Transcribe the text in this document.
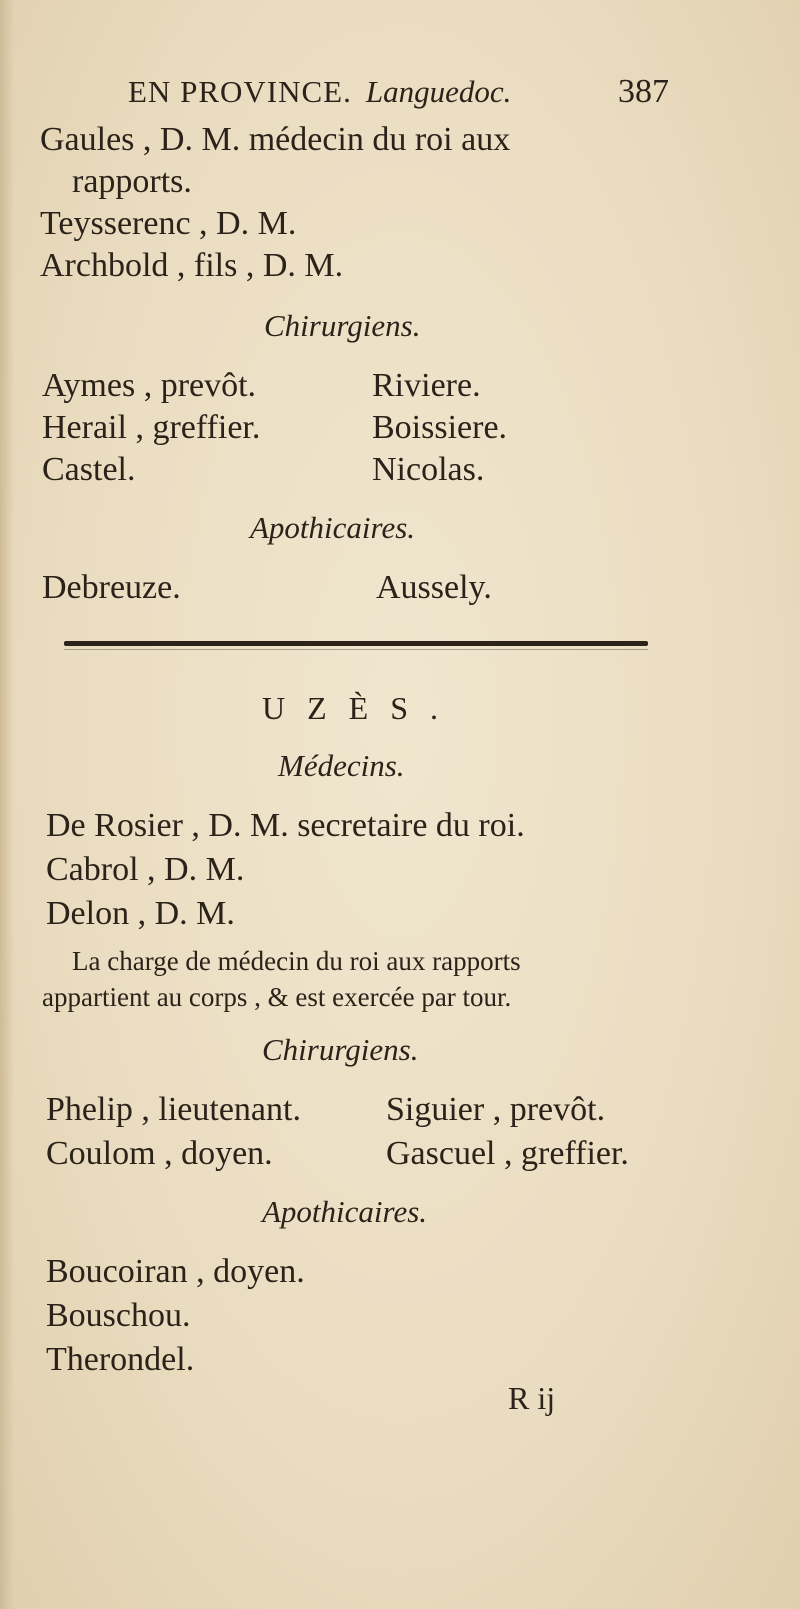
EN PROVINCE. Languedoc.	387
Gaules , D. M. médecin du roi aux
rapports.
Teysserenc , D. M.
Archbold , fils , D. M.
Chirurgiens.
Aymes , prevôt.
Herail , greffier.
Castel.
Riviere.
Boissiere.
Nicolas.
Apothicaires.
Debreuze.	Aussely.
UZÈS.
Médecins.
De Rosier , D. M. secretaire du roi.
Cabrol , D. M.
Delon , D. M.
La charge de médecin du roi aux rapports
appartient au corps , & est exercée par tour.
Chirurgiens.
Phelip , lieutenant.
Coulom , doyen.
Siguier , prevôt.
Gascuel , greffier.
Apothicaires.
Boucoiran , doyen.
Bouschou.
Therondel.
R ij
